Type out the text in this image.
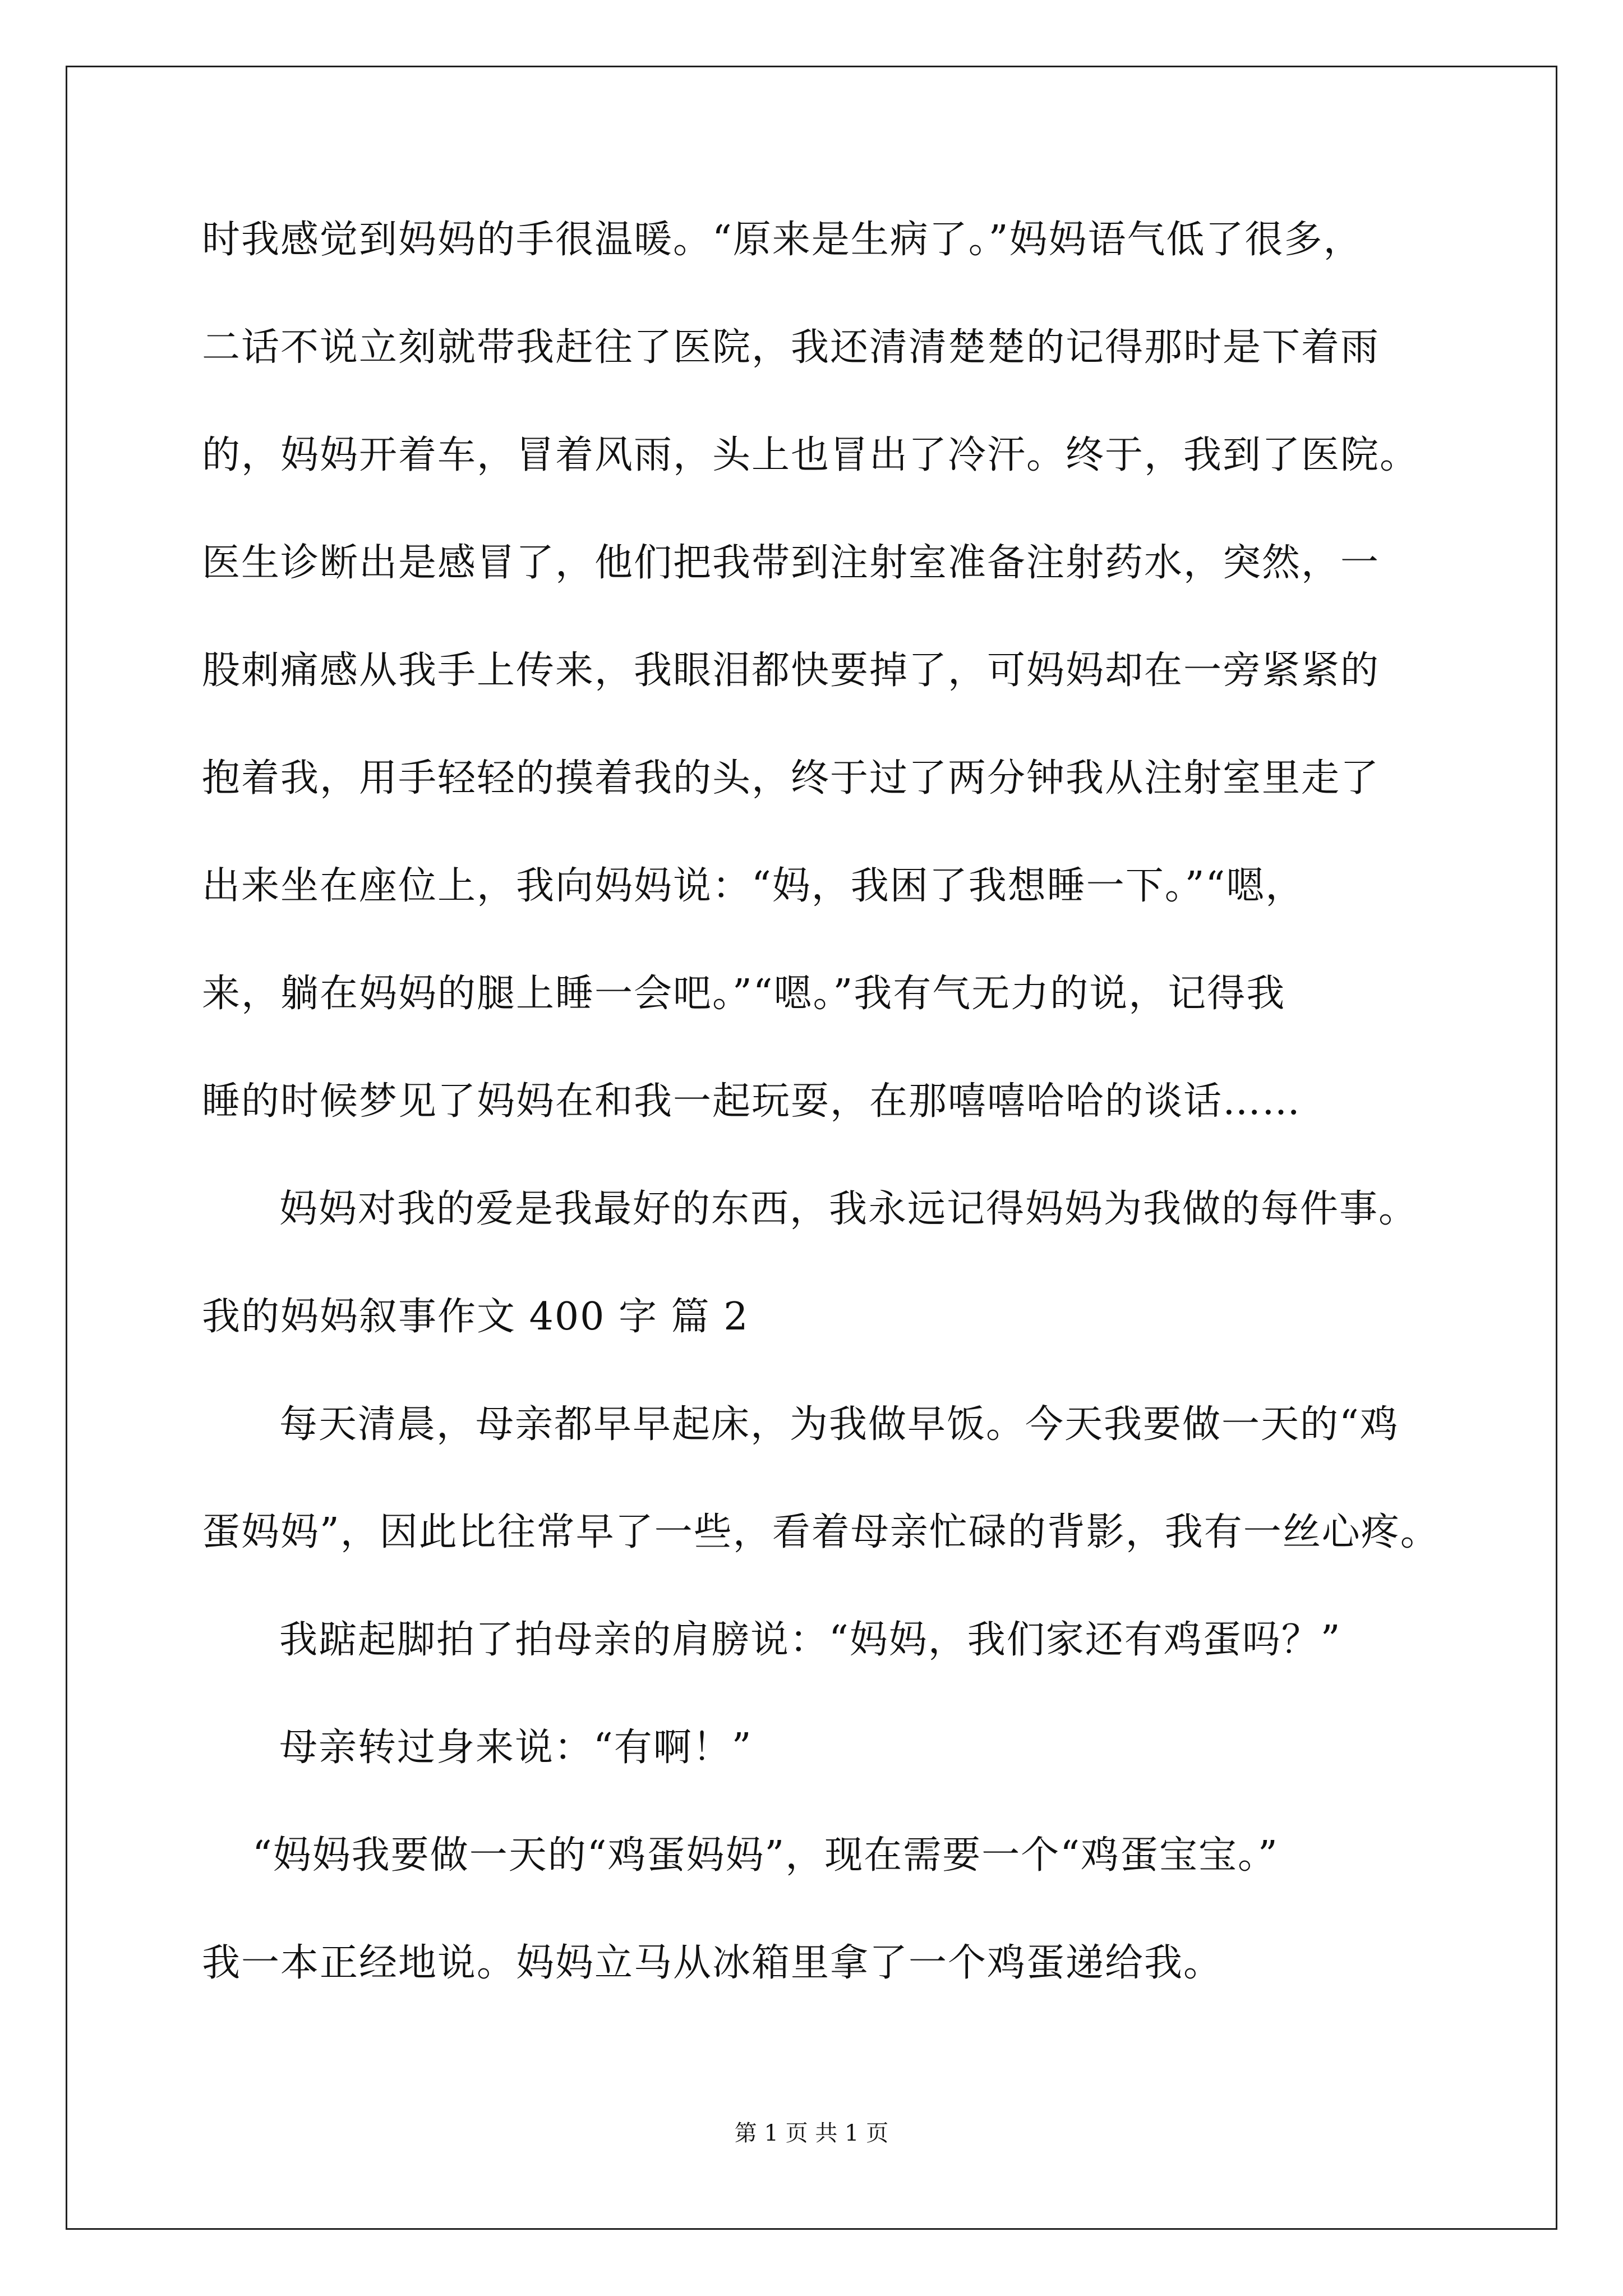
时我感觉到妈妈的手很温暖。“原来是生病了。”妈妈语气低了很多，
二话不说立刻就带我赶往了医院，我还清清楚楚的记得那时是下着雨
的，妈妈开着车，冒着风雨，头上也冒出了冷汗。终于，我到了医院。
医生诊断出是感冒了，他们把我带到注射室准备注射药水，突然，一
股刺痛感从我手上传来，我眼泪都快要掉了，可妈妈却在一旁紧紧的
抱着我，用手轻轻的摸着我的头，终于过了两分钟我从注射室里走了
出来坐在座位上，我向妈妈说：“妈，我困了我想睡一下。”“嗯，
来，躺在妈妈的腿上睡一会吧。”“嗯。”我有气无力的说，记得我
睡的时候梦见了妈妈在和我一起玩耍，在那嘻嘻哈哈的谈话……
妈妈对我的爱是我最好的东西，我永远记得妈妈为我做的每件事。
我的妈妈叙事作文 400 字 篇 2
每天清晨，母亲都早早起床，为我做早饭。今天我要做一天的“鸡
蛋妈妈”，因此比往常早了一些，看着母亲忙碌的背影，我有一丝心疼。
我踮起脚拍了拍母亲的肩膀说：“妈妈，我们家还有鸡蛋吗？”
母亲转过身来说：“有啊！”
“妈妈我要做一天的“鸡蛋妈妈”，现在需要一个“鸡蛋宝宝。”
我一本正经地说。妈妈立马从冰箱里拿了一个鸡蛋递给我。
第 1 页 共 1 页
